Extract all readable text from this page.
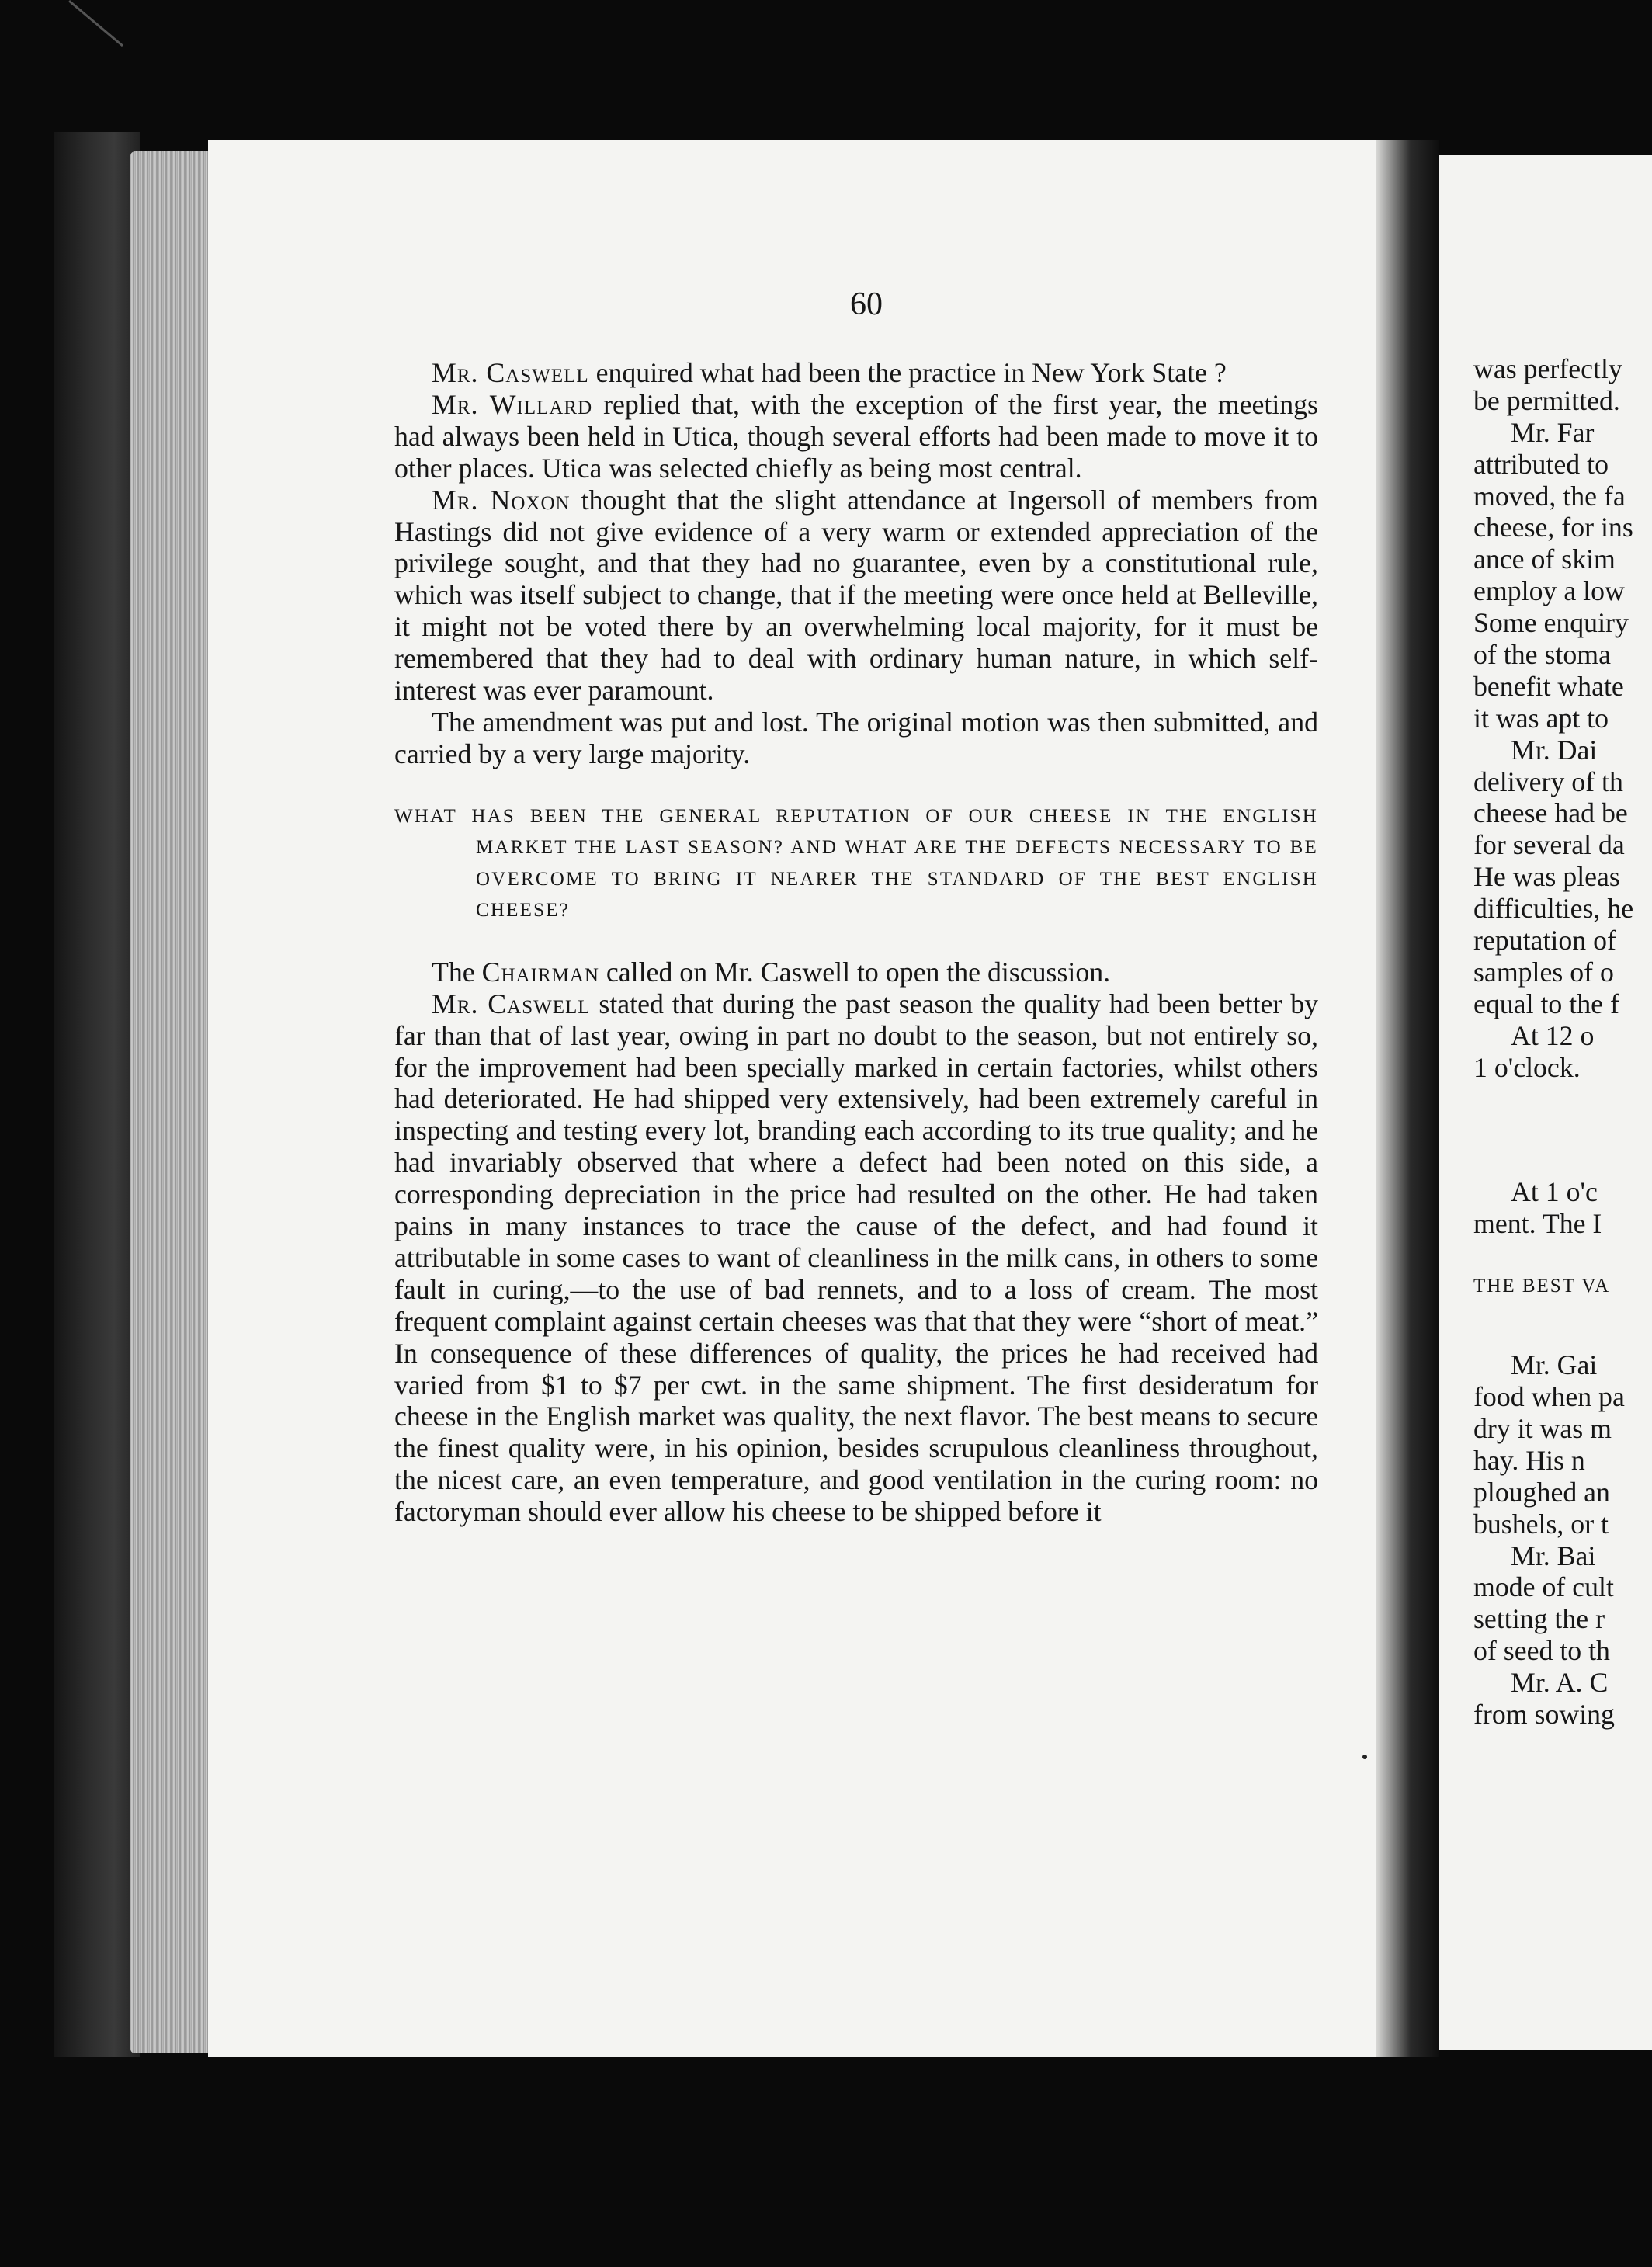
60

Mr. Caswell enquired what had been the practice in New York State ?

Mr. Willard replied that, with the exception of the first year, the meetings had always been held in Utica, though several efforts had been made to move it to other places. Utica was selected chiefly as being most central.

Mr. Noxon thought that the slight attendance at Ingersoll of members from Hastings did not give evidence of a very warm or extended appreciation of the privilege sought, and that they had no guarantee, even by a constitutional rule, which was itself subject to change, that if the meeting were once held at Belleville, it might not be voted there by an overwhelming local majority, for it must be remembered that they had to deal with ordinary human nature, in which self-interest was ever paramount.

The amendment was put and lost. The original motion was then submitted, and carried by a very large majority.

WHAT HAS BEEN THE GENERAL REPUTATION OF OUR CHEESE IN THE ENGLISH MARKET THE LAST SEASON? AND WHAT ARE THE DEFECTS NECESSARY TO BE OVERCOME TO BRING IT NEARER THE STANDARD OF THE BEST ENGLISH CHEESE?

The Chairman called on Mr. Caswell to open the discussion.

Mr. Caswell stated that during the past season the quality had been better by far than that of last year, owing in part no doubt to the season, but not entirely so, for the improvement had been specially marked in certain factories, whilst others had deteriorated. He had shipped very extensively, had been extremely careful in inspecting and testing every lot, branding each according to its true quality; and he had invariably observed that where a defect had been noted on this side, a corresponding depreciation in the price had resulted on the other. He had taken pains in many instances to trace the cause of the defect, and had found it attributable in some cases to want of cleanliness in the milk cans, in others to some fault in curing,—to the use of bad rennets, and to a loss of cream. The most frequent complaint against certain cheeses was that that they were “short of meat.” In consequence of these differences of quality, the prices he had received had varied from $1 to $7 per cwt. in the same shipment. The first desideratum for cheese in the English market was quality, the next flavor. The best means to secure the finest quality were, in his opinion, besides scrupulous cleanliness throughout, the nicest care, an even temperature, and good ventilation in the curing room: no factoryman should ever allow his cheese to be shipped before it

was perfectly
be permitted.
Mr. Far
attributed to
moved, the fa
cheese, for ins
ance of skim
employ a low
Some enquiry
of the stoma
benefit whate
it was apt to
Mr. Dai
delivery of th
cheese had be
for several da
He was pleas
difficulties, he
reputation of
samples of o
equal to the f
At 12 o
1 o'clock.
At 1 o'c
ment. The I
THE BEST VA
Mr. Gai
food when pa
dry it was m
hay. His n
ploughed an
bushels, or t
Mr. Bai
mode of cult
setting the r
of seed to th
Mr. A. C
from sowing
